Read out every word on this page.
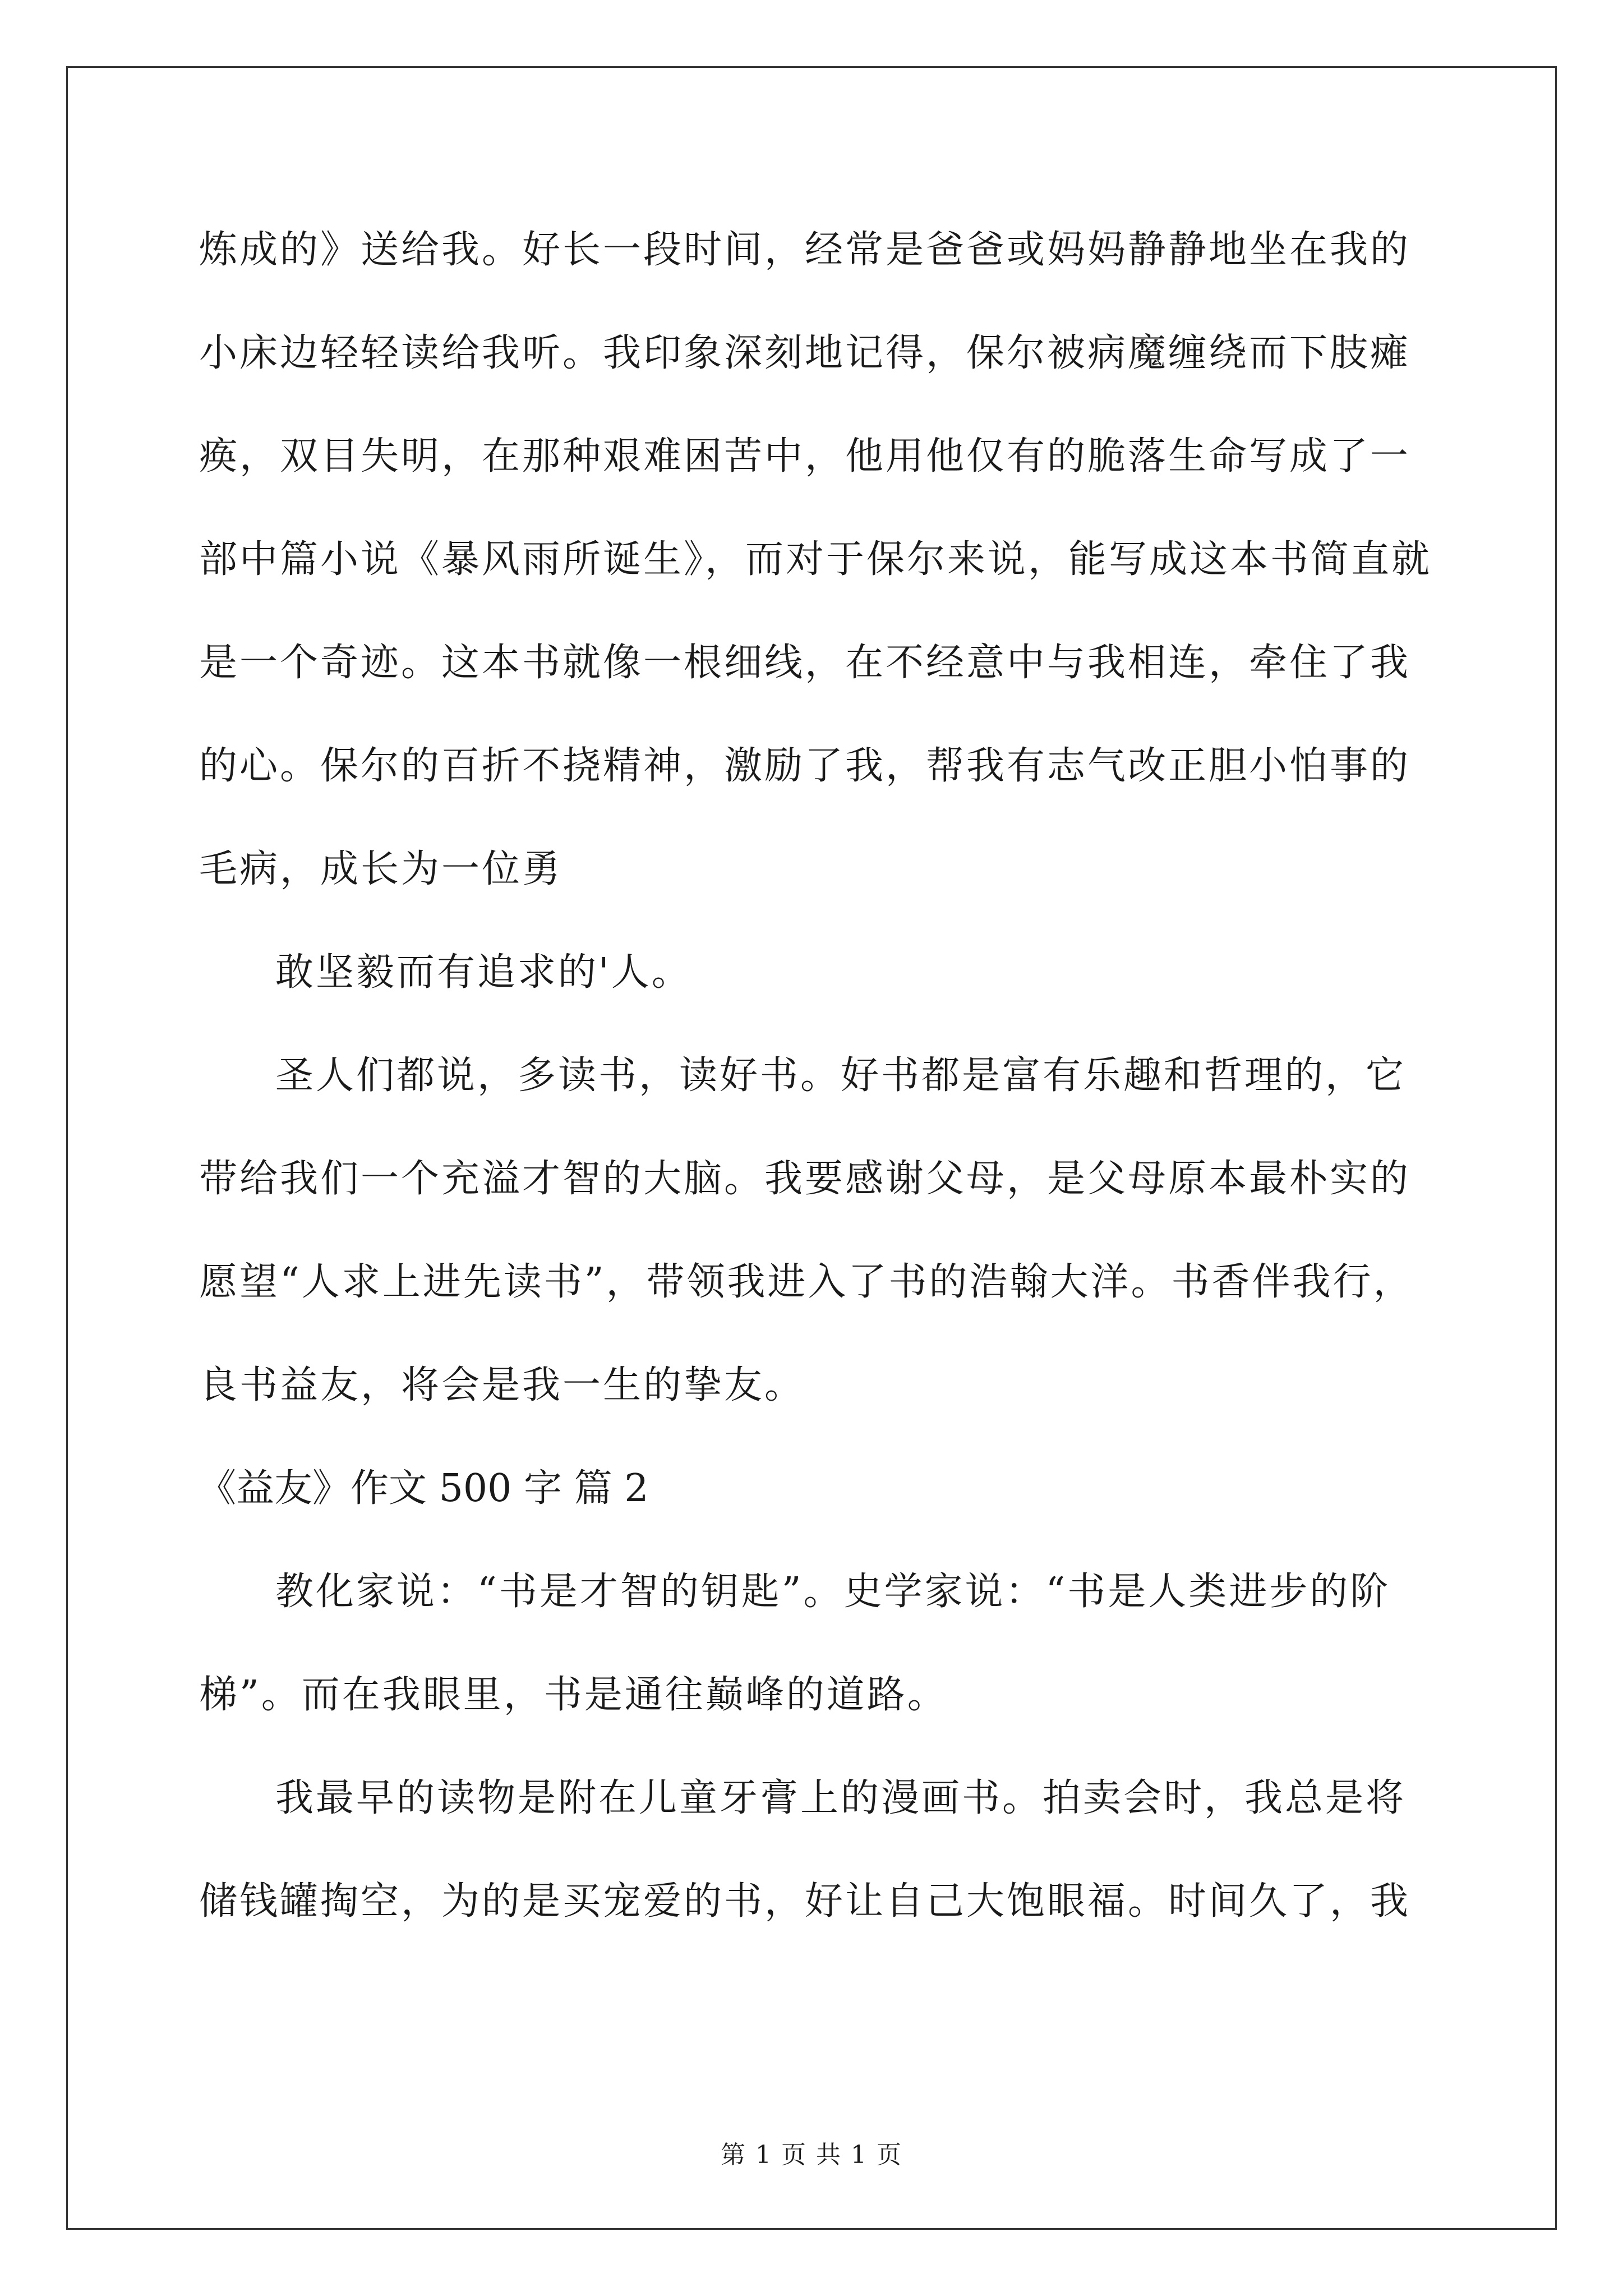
炼成的》送给我。好长一段时间，经常是爸爸或妈妈静静地坐在我的
小床边轻轻读给我听。我印象深刻地记得，保尔被病魔缠绕而下肢瘫
痪，双目失明，在那种艰难困苦中，他用他仅有的脆落生命写成了一
部中篇小说《暴风雨所诞生》，而对于保尔来说，能写成这本书简直就
是一个奇迹。这本书就像一根细线，在不经意中与我相连，牵住了我
的心。保尔的百折不挠精神，激励了我，帮我有志气改正胆小怕事的
毛病，成长为一位勇
敢坚毅而有追求的'人。
圣人们都说，多读书，读好书。好书都是富有乐趣和哲理的，它
带给我们一个充溢才智的大脑。我要感谢父母，是父母原本最朴实的
愿望“人求上进先读书”，带领我进入了书的浩翰大洋。书香伴我行，
良书益友，将会是我一生的挚友。
《益友》作文 500 字 篇 2
教化家说：“书是才智的钥匙”。史学家说：“书是人类进步的阶
梯”。而在我眼里，书是通往巅峰的道路。
我最早的读物是附在儿童牙膏上的漫画书。拍卖会时，我总是将
储钱罐掏空，为的是买宠爱的书，好让自己大饱眼福。时间久了，我
第 1 页 共 1 页
